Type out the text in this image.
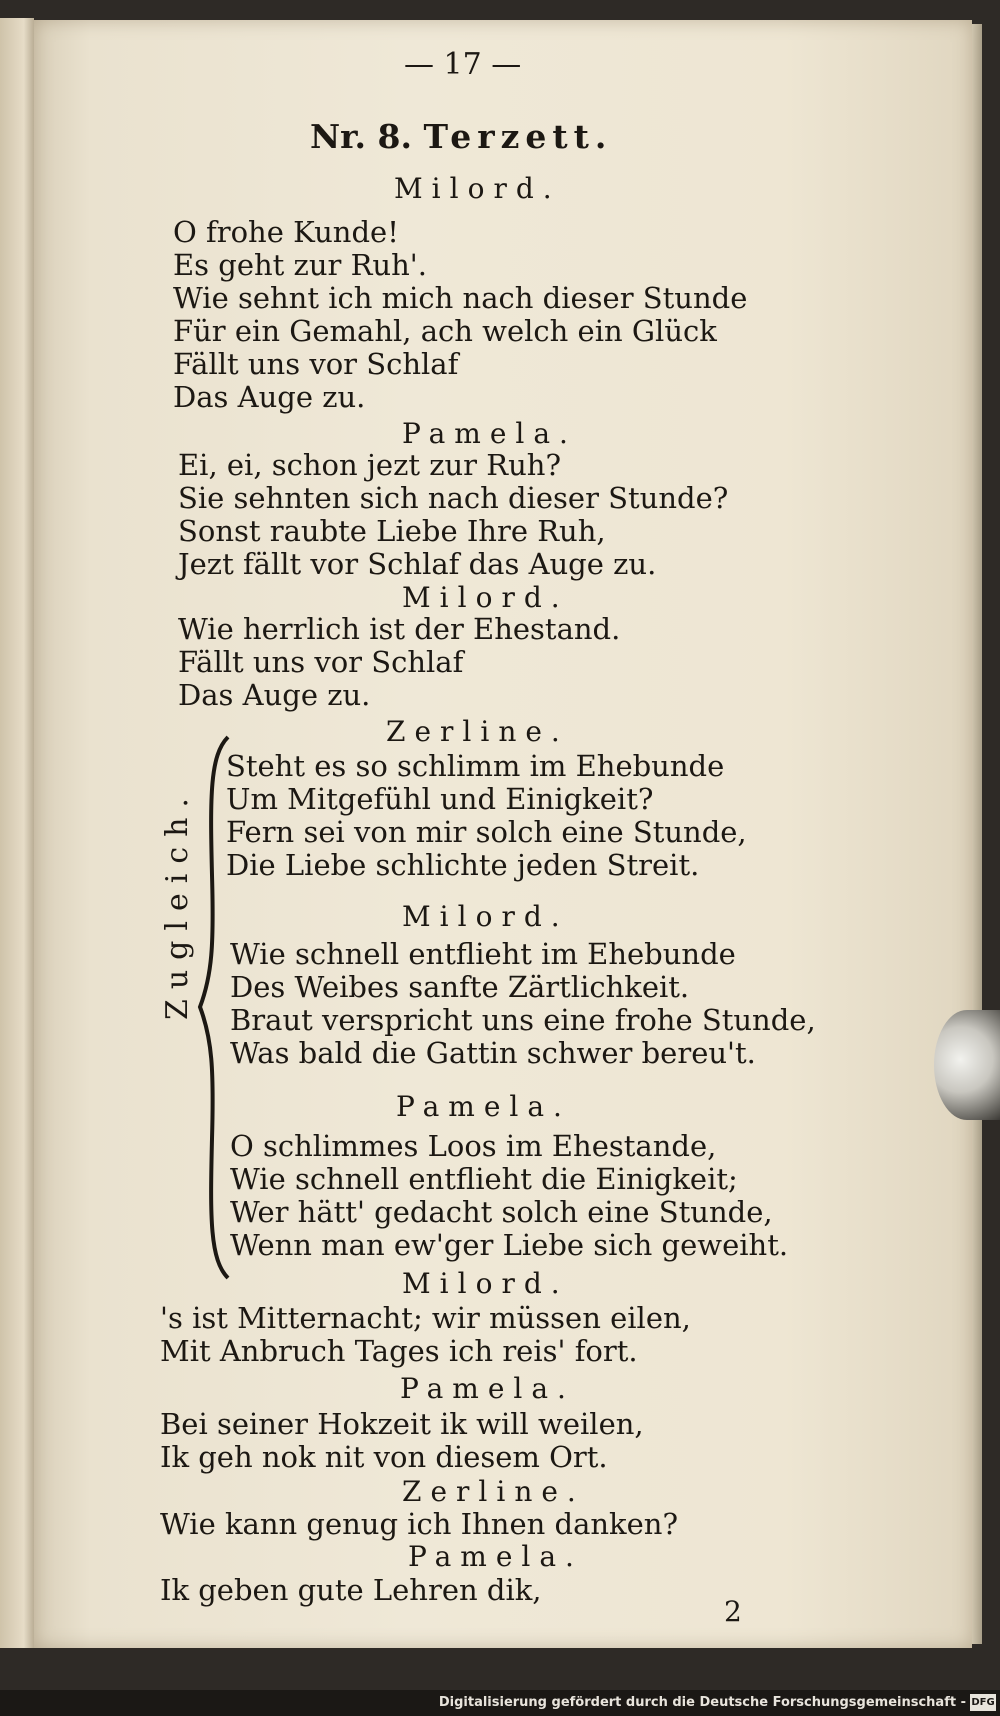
— 17 —
Nr. 8. Terzett.
Zugleich.
Milord.
O frohe Kunde!
Es geht zur Ruh'.
Wie sehnt ich mich nach dieser Stunde
Für ein Gemahl, ach welch ein Glück
Fällt uns vor Schlaf
Das Auge zu.
Pamela.
Ei, ei, schon jezt zur Ruh?
Sie sehnten sich nach dieser Stunde?
Sonst raubte Liebe Ihre Ruh,
Jezt fällt vor Schlaf das Auge zu.
Milord.
Wie herrlich ist der Ehestand.
Fällt uns vor Schlaf
Das Auge zu.
Zerline.
Steht es so schlimm im Ehebunde
Um Mitgefühl und Einigkeit?
Fern sei von mir solch eine Stunde,
Die Liebe schlichte jeden Streit.
Milord.
Wie schnell entflieht im Ehebunde
Des Weibes sanfte Zärtlichkeit.
Braut verspricht uns eine frohe Stunde,
Was bald die Gattin schwer bereu't.
Pamela.
O schlimmes Loos im Ehestande,
Wie schnell entflieht die Einigkeit;
Wer hätt' gedacht solch eine Stunde,
Wenn man ew'ger Liebe sich geweiht.
Milord.
's ist Mitternacht; wir müssen eilen,
Mit Anbruch Tages ich reis' fort.
Pamela.
Bei seiner Hokzeit ik will weilen,
Ik geh nok nit von diesem Ort.
Zerline.
Wie kann genug ich Ihnen danken?
Pamela.
Ik geben gute Lehren dik,
2
Digitalisierung gefördert durch die Deutsche Forschungsgemeinschaft - DFG
